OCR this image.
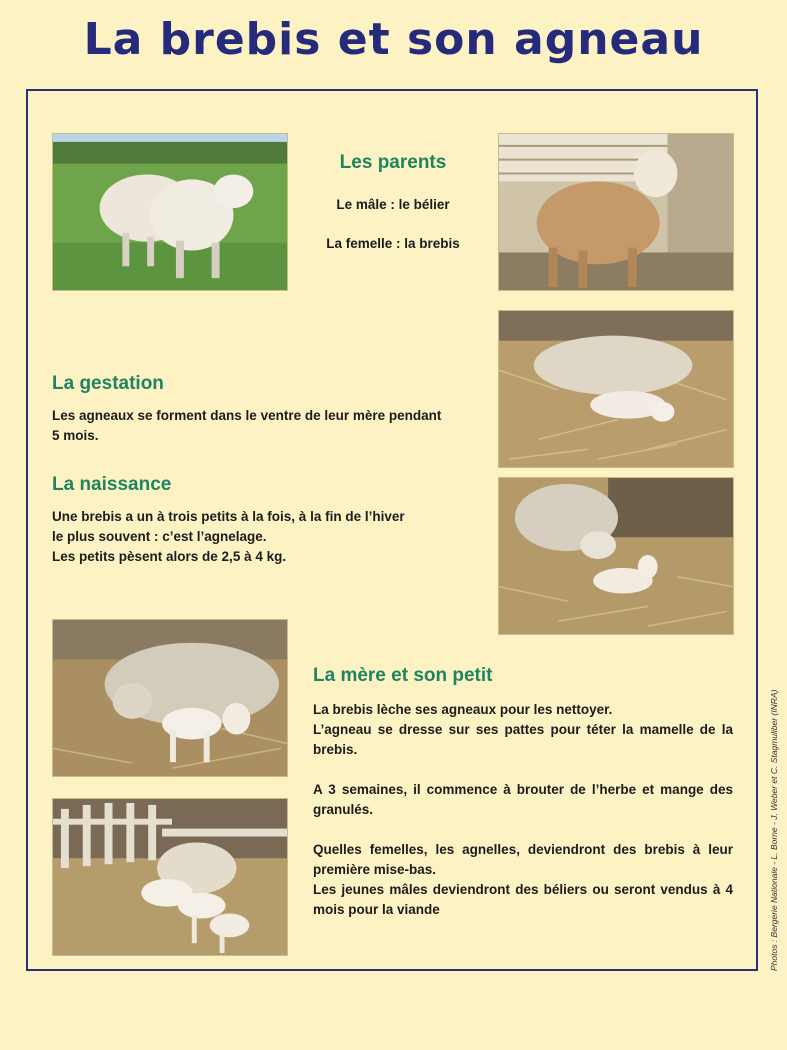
La brebis et son agneau
Les parents

Le mâle : le bélier

La femelle : la brebis

La gestation

Les agneaux se forment dans le ventre de leur mère pendant
5 mois.

La naissance

Une brebis a un à trois petits à la fois, à la fin de l’hiver
le plus souvent : c’est l’agnelage.
Les petits pèsent alors de 2,5 à 4 kg.

La mère et son petit

La brebis lèche ses agneaux pour les nettoyer.

L’agneau se dresse sur ses pattes pour téter la mamelle de la brebis.

A 3 semaines, il commence à brouter de l’herbe et mange des granulés.

Quelles femelles, les agnelles, deviendront des brebis à leur première mise-bas.

Les jeunes mâles deviendront des béliers ou seront vendus à 4 mois pour la viande	Photos : Bergerie Nationale - L. Borne - J. Weber et C. Stagmuliber (INRA)
